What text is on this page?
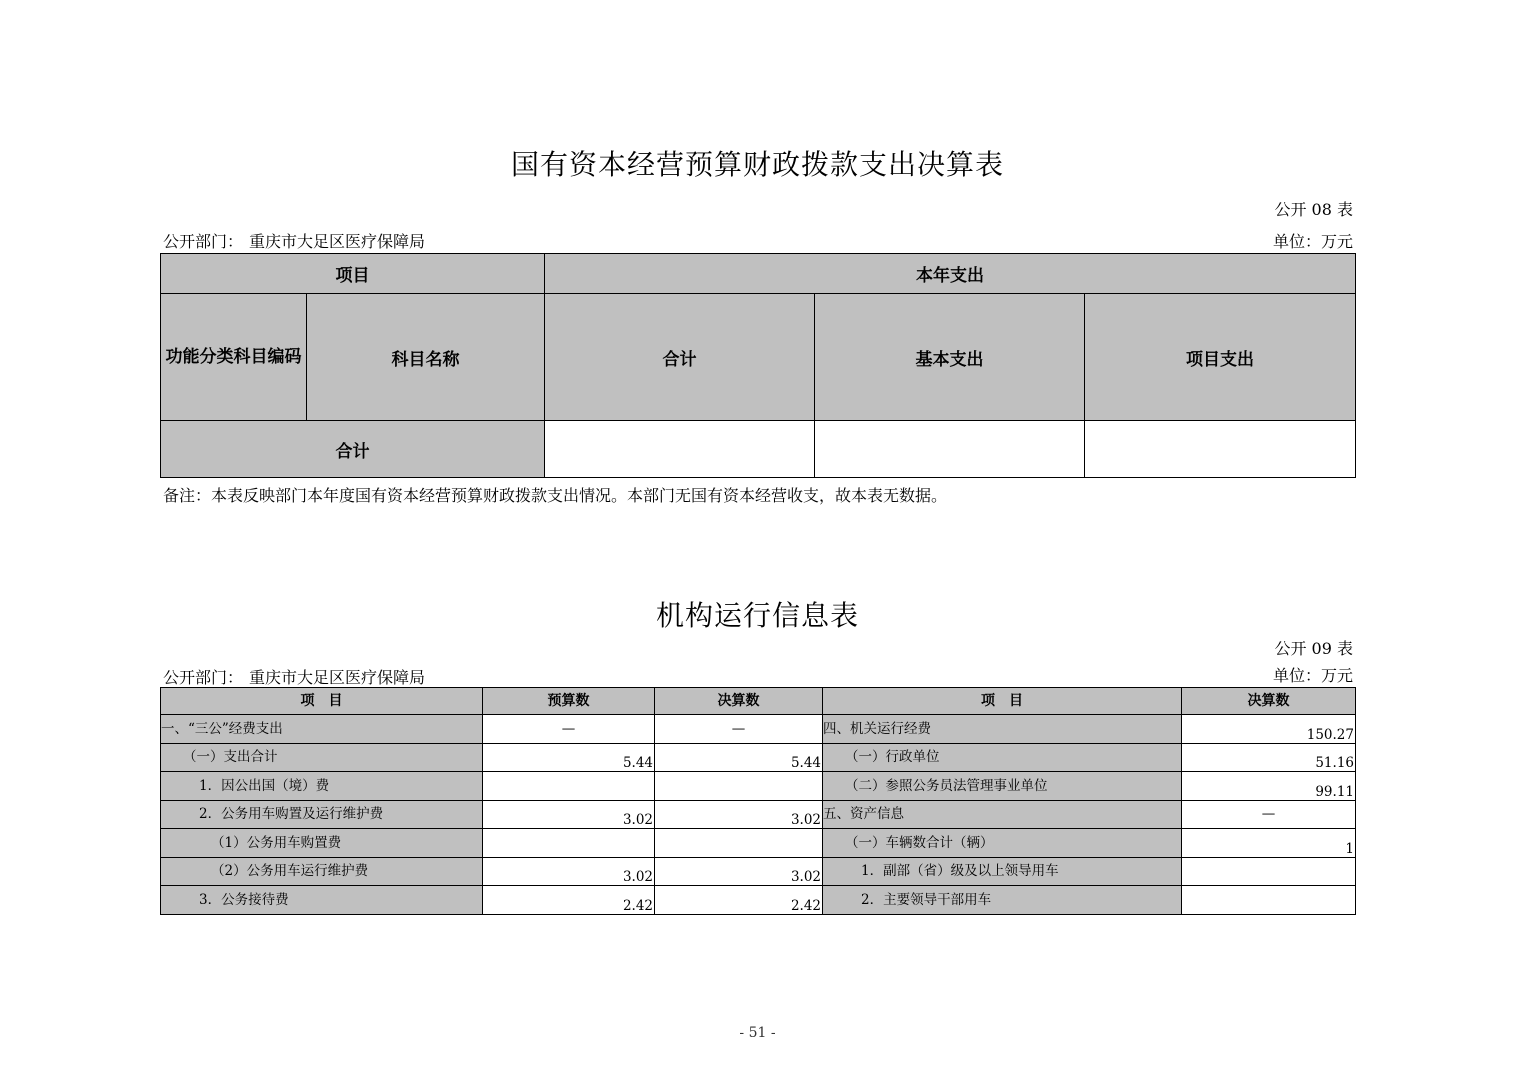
国有资本经营预算财政拨款支出决算表
公开 08 表
公开部门： 重庆市大足区医疗保障局	单位：万元
项目		本年支出		
功能分类科目编码	科目名称	合计	基本支出	项目支出
合计				
备注：本表反映部门本年度国有资本经营预算财政拨款支出情况。本部门无国有资本经营收支，故本表无数据。
机构运行信息表
公开 09 表
公开部门： 重庆市大足区医疗保障局	单位：万元
项　目	预算数	决算数	项　目	决算数
一、“三公”经费支出	—	—	四、机关运行经费	150.27
（一）支出合计	5.44	5.44	（一）行政单位	51.16
1．因公出国（境）费			（二）参照公务员法管理事业单位	99.11
2．公务用车购置及运行维护费	3.02	3.02	五、资产信息	—
（1）公务用车购置费			（一）车辆数合计（辆）	1
（2）公务用车运行维护费	3.02	3.02	1．副部（省）级及以上领导用车	
3．公务接待费	2.42	2.42	2．主要领导干部用车	
- 51 -
